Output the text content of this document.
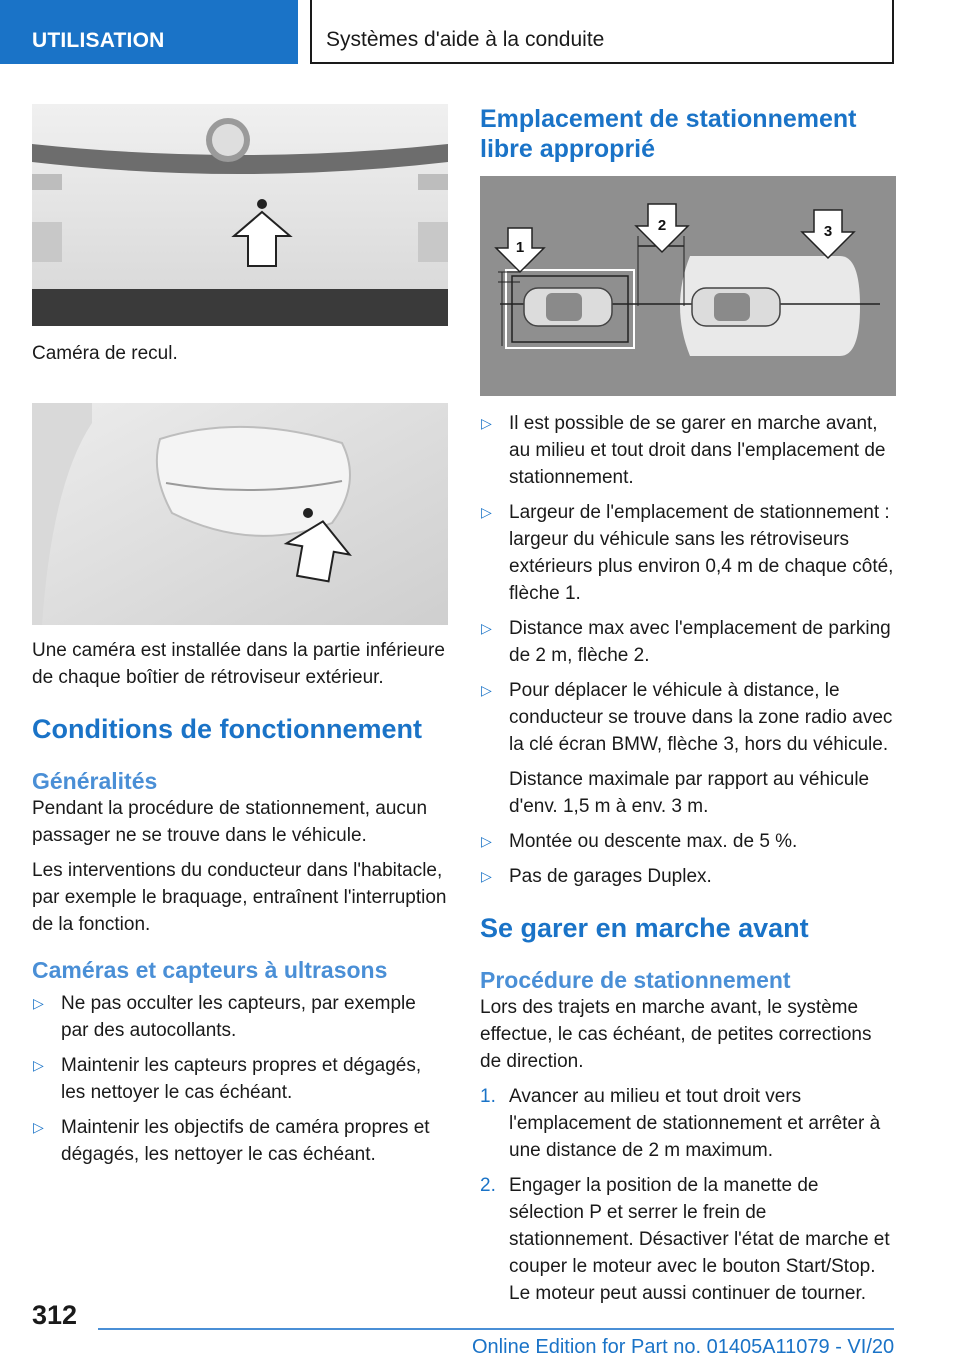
UTILISATION	Systèmes d'aide à la conduite

Caméra de recul.

Une caméra est installée dans la partie inférieure de chaque boîtier de rétroviseur extérieur.

Conditions de fonctionnement
Généralités

Pendant la procédure de stationnement, aucun passager ne se trouve dans le véhicule.

Les interventions du conducteur dans l'habitacle, par exemple le braquage, entraînent l'interruption de la fonction.

Caméras et capteurs à ultrasons
▷ Ne pas occulter les capteurs, par exemple par des autocollants.
▷ Maintenir les capteurs propres et dégagés, les nettoyer le cas échéant.
▷ Maintenir les objectifs de caméra propres et dégagés, les nettoyer le cas échéant.
Emplacement de stationnement libre approprié
1
2	3
▷ Il est possible de se garer en marche avant, au milieu et tout droit dans l'emplacement de stationnement.
▷ Largeur de l'emplacement de stationnement : largeur du véhicule sans les rétroviseurs extérieurs plus environ 0,4 m de chaque côté, flèche 1.
▷ Distance max avec l'emplacement de parking de 2 m, flèche 2.
▷ Pour déplacer le véhicule à distance, le conducteur se trouve dans la zone radio avec la clé écran BMW, flèche 3, hors du véhicule.
Distance maximale par rapport au véhicule d'env. 1,5 m à env. 3 m.
▷ Montée ou descente max. de 5 %.
▷ Pas de garages Duplex.
Se garer en marche avant
Procédure de stationnement

Lors des trajets en marche avant, le système effectue, le cas échéant, de petites corrections de direction.

1. Avancer au milieu et tout droit vers l'emplacement de stationnement et arrêter à une distance de 2 m maximum.
2. Engager la position de la manette de sélection P et serrer le frein de stationnement. Désactiver l'état de marche et couper le moteur avec le bouton Start/Stop. Le moteur peut aussi continuer de tourner.
312
Online Edition for Part no. 01405A11079 - VI/20
